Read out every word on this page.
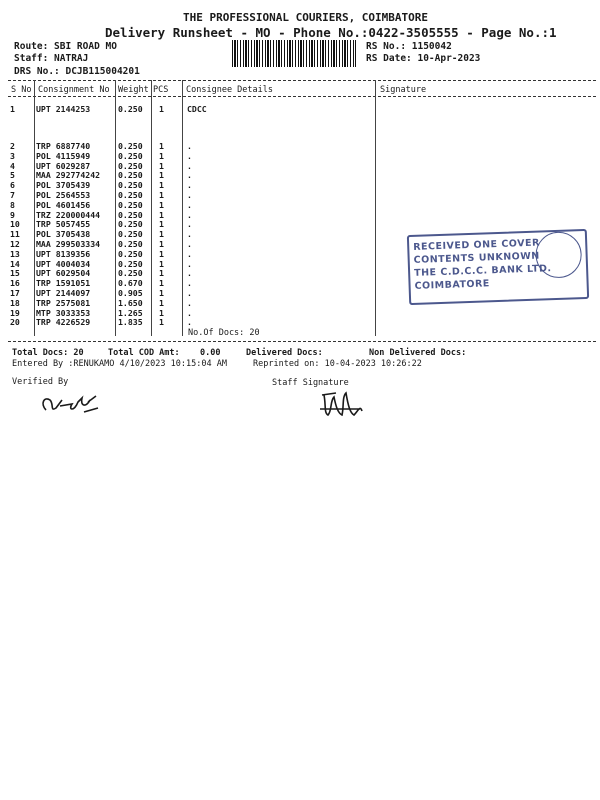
THE PROFESSIONAL COURIERS, COIMBATORE
Delivery Runsheet - MO - Phone No.:0422-3505555 - Page No.:1
Route: SBI ROAD MO
Staff: NATRAJ
DRS No.: DCJB115004201
RS No.: 1150042
RS Date: 10-Apr-2023
S No Consignment No Weight PCS Consignee Details	Signature
1	UPT 2144253	0.250 1	CDCC
2	TRP 6887740	0.250 1	.
3	POL 4115949	0.250 1	.
4	UPT 6029287	0.250 1	.
5	MAA 292774242 0.250 1	.
6	POL 3705439	0.250 1	.
7	POL 2564553	0.250 1	.
8	POL 4601456	0.250 1	.
9	TRZ 220000444 0.250 1	.
10 TRP 5057455	0.250 1	.
11 POL 3705438	0.250 1	.
12 MAA 299503334 0.250 1	.
13 UPT 8139356	0.250 1	.
14 UPT 4004034	0.250 1	.
15 UPT 6029504	0.250 1	.
16 TRP 1591051	0.670 1	.
17 UPT 2144097	0.905 1	.
18 TRP 2575081	1.650 1	.
19 MTP 3033353	1.265 1	.
20 TRP 4226529	1.835 1	.
No.Of Docs: 20
RECEIVED ONE COVER
CONTENTS UNKNOWN
THE C.D.C.C. BANK LTD.
COIMBATORE
Total Docs: 20	Total COD Amt: 0.00	Delivered Docs:	Non Delivered Docs:
Entered By :RENUKAMO 4/10/2023 10:15:04 AM	Reprinted on: 10-04-2023 10:26:22
Verified By	Staff Signature
